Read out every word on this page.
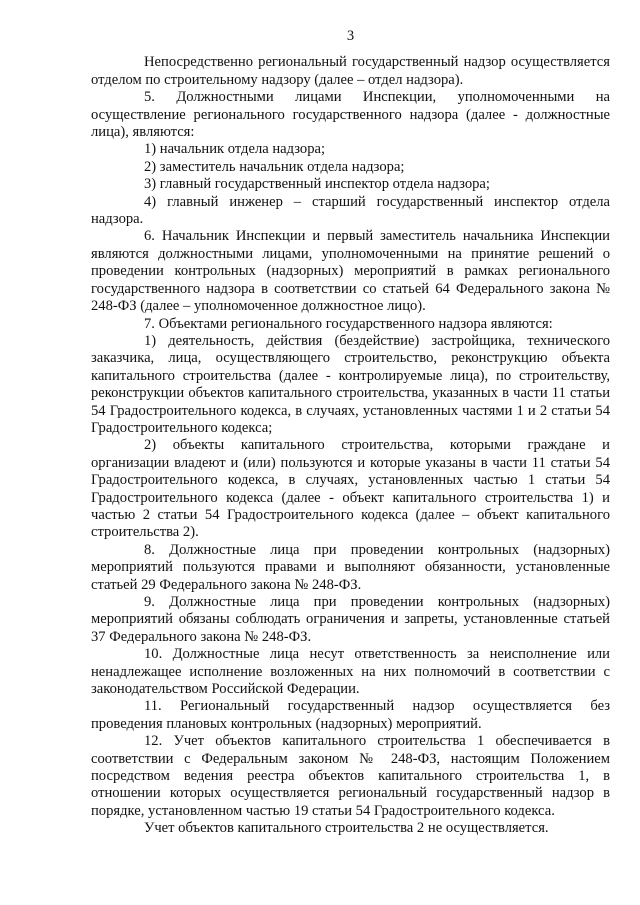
3

Непосредственно региональный государственный надзор осуществляется отделом по строительному надзору (далее – отдел надзора).

5. Должностными лицами Инспекции, уполномоченными на осуществление регионального государственного надзора (далее - должностные лица), являются:

1) начальник отдела надзора;

2) заместитель начальник отдела надзора;

3) главный государственный инспектор отдела надзора;

4) главный инженер – старший государственный инспектор отдела надзора.

6. Начальник Инспекции и первый заместитель начальника Инспекции являются должностными лицами, уполномоченными на принятие решений о проведении контрольных (надзорных) мероприятий в рамках регионального государственного надзора в соответствии со статьей 64 Федерального закона № 248-ФЗ (далее – уполномоченное должностное лицо).

7. Объектами регионального государственного надзора являются:

1) деятельность, действия (бездействие) застройщика, технического заказчика, лица, осуществляющего строительство, реконструкцию объекта капитального строительства (далее - контролируемые лица), по строительству, реконструкции объектов капитального строительства, указанных в части 11 статьи 54 Градостроительного кодекса, в случаях, установленных частями 1 и 2 статьи 54 Градостроительного кодекса;

2) объекты капитального строительства, которыми граждане и организации владеют и (или) пользуются и которые указаны в части 11 статьи 54 Градостроительного кодекса, в случаях, установленных частью 1 статьи 54 Градостроительного кодекса (далее - объект капитального строительства 1) и частью 2 статьи 54 Градостроительного кодекса (далее – объект капитального строительства 2).

8. Должностные лица при проведении контрольных (надзорных) мероприятий пользуются правами и выполняют обязанности, установленные статьей 29 Федерального закона № 248-ФЗ.

9. Должностные лица при проведении контрольных (надзорных) мероприятий обязаны соблюдать ограничения и запреты, установленные статьей 37 Федерального закона № 248-ФЗ.

10. Должностные лица несут ответственность за неисполнение или ненадлежащее исполнение возложенных на них полномочий в соответствии с законодательством Российской Федерации.

11. Региональный государственный надзор осуществляется без проведения плановых контрольных (надзорных) мероприятий.

12. Учет объектов капитального строительства 1 обеспечивается в соответствии с Федеральным законом № 248-ФЗ, настоящим Положением посредством ведения реестра объектов капитального строительства 1, в отношении которых осуществляется региональный государственный надзор в порядке, установленном частью 19 статьи 54 Градостроительного кодекса.

Учет объектов капитального строительства 2 не осуществляется.
